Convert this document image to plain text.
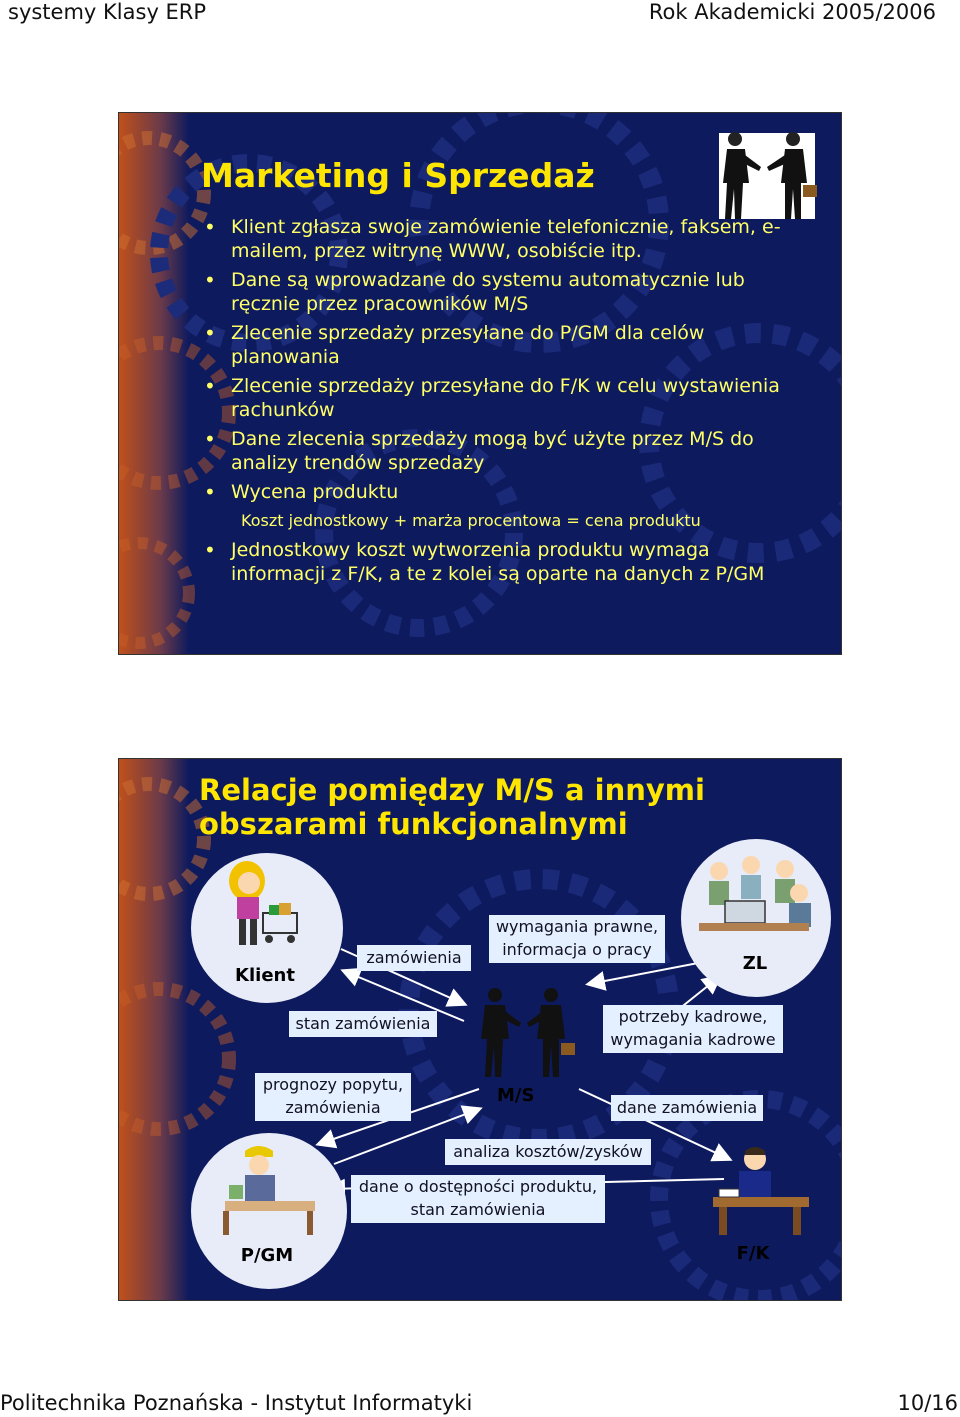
systemy Klasy ERP	Rok Akademicki 2005/2006
Marketing i Sprzedaż
• Klient zgłasza swoje zamówienie telefonicznie, faksem, e-mailem, przez witrynę WWW, osobiście itp.
• Dane są wprowadzane do systemu automatycznie lub ręcznie przez pracowników M/S
• Zlecenie sprzedaży przesyłane do P/GM dla celów planowania
• Zlecenie sprzedaży przesyłane do F/K w celu wystawienia rachunków
• Dane zlecenia sprzedaży mogą być użyte przez M/S do analizy trendów sprzedaży
• Wycena produktu
Koszt jednostkowy + marża procentowa = cena produktu
• Jednostkowy koszt wytworzenia produktu wymaga informacji z F/K, a te z kolei są oparte na danych z P/GM
Relacje pomiędzy M/S a innymi
obszarami funkcjonalnymi
Klient
ZL
M/S
P/GM	F/K
zamówienia
wymagania prawne,
informacja o pracy
stan zamówienia	potrzeby kadrowe,
wymagania kadrowe
prognozy popytu,
zamówienia	dane zamówienia
analiza kosztów/zysków
dane o dostępności produktu,
stan zamówienia
Politechnika Poznańska - Instytut Informatyki	10/16
